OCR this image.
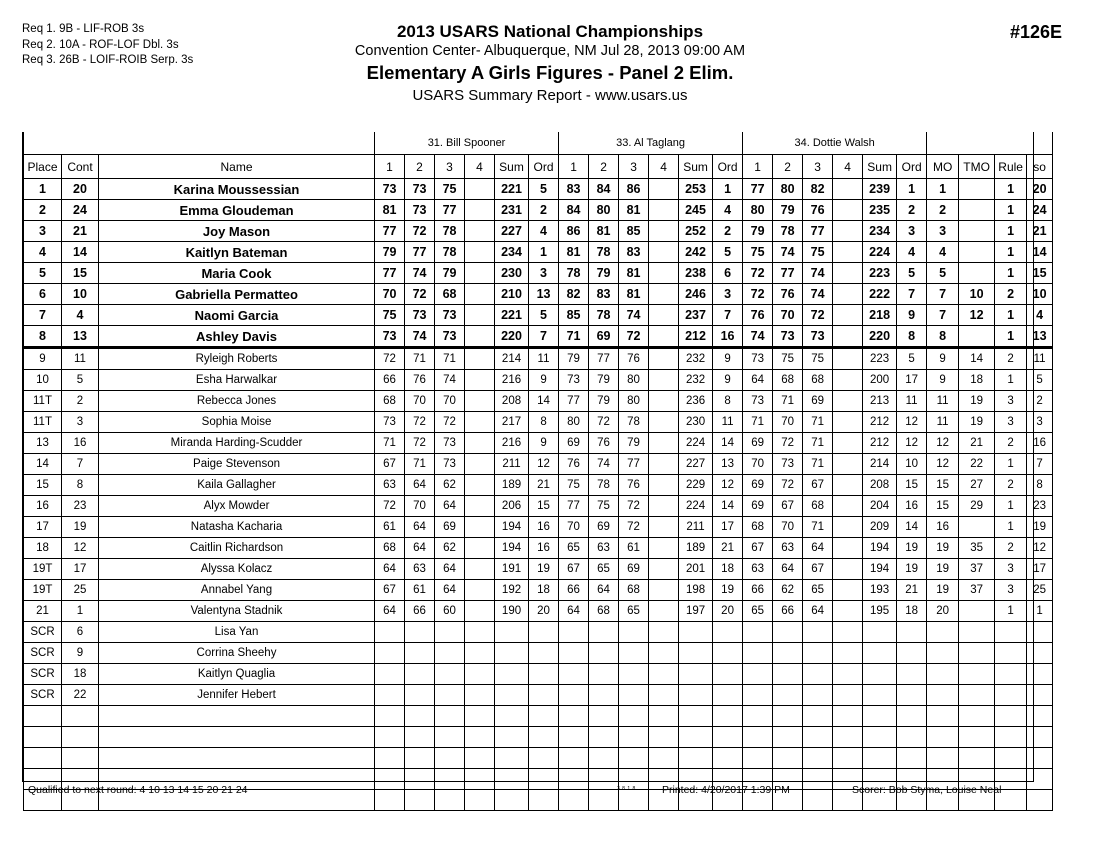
Req 1. 9B - LIF-ROB 3s
Req 2. 10A - ROF-LOF Dbl. 3s
Req 3. 26B - LOIF-ROIB Serp. 3s
2013 USARS National Championships
Convention Center- Albuquerque, NM Jul 28, 2013 09:00 AM
Elementary A Girls Figures - Panel 2 Elim.
USARS Summary Report - www.usars.us
#126E
			31. Bill Spooner						33. Al Taglang						34. Dottie Walsh									
Place	Cont	Name	1	2	3	4	Sum	Ord	1	2	3	4	Sum	Ord	1	2	3	4	Sum	Ord	MO	TMO	Rule	so
1	20	Karina Moussessian	73	73	75		221	5	83	84	86		253	1	77	80	82		239	1	1		1	20
2	24	Emma Gloudeman	81	73	77		231	2	84	80	81		245	4	80	79	76		235	2	2		1	24
3	21	Joy Mason	77	72	78		227	4	86	81	85		252	2	79	78	77		234	3	3		1	21
4	14	Kaitlyn Bateman	79	77	78		234	1	81	78	83		242	5	75	74	75		224	4	4		1	14
5	15	Maria Cook	77	74	79		230	3	78	79	81		238	6	72	77	74		223	5	5		1	15
6	10	Gabriella Permatteo	70	72	68		210	13	82	83	81		246	3	72	76	74		222	7	7	10	2	10
7	4	Naomi Garcia	75	73	73		221	5	85	78	74		237	7	76	70	72		218	9	7	12	1	4
8	13	Ashley Davis	73	74	73		220	7	71	69	72		212	16	74	73	73		220	8	8		1	13
9	11	Ryleigh Roberts	72	71	71		214	11	79	77	76		232	9	73	75	75		223	5	9	14	2	11
10	5	Esha Harwalkar	66	76	74		216	9	73	79	80		232	9	64	68	68		200	17	9	18	1	5
11T	2	Rebecca Jones	68	70	70		208	14	77	79	80		236	8	73	71	69		213	11	11	19	3	2
11T	3	Sophia Moise	73	72	72		217	8	80	72	78		230	11	71	70	71		212	12	11	19	3	3
13	16	Miranda Harding-Scudder	71	72	73		216	9	69	76	79		224	14	69	72	71		212	12	12	21	2	16
14	7	Paige Stevenson	67	71	73		211	12	76	74	77		227	13	70	73	71		214	10	12	22	1	7
15	8	Kaila Gallagher	63	64	62		189	21	75	78	76		229	12	69	72	67		208	15	15	27	2	8
16	23	Alyx Mowder	72	70	64		206	15	77	75	72		224	14	69	67	68		204	16	15	29	1	23
17	19	Natasha Kacharia	61	64	69		194	16	70	69	72		211	17	68	70	71		209	14	16		1	19
18	12	Caitlin Richardson	68	64	62		194	16	65	63	61		189	21	67	63	64		194	19	19	35	2	12
19T	17	Alyssa Kolacz	64	63	64		191	19	67	65	69		201	18	63	64	67		194	19	19	37	3	17
19T	25	Annabel Yang	67	61	64		192	18	66	64	68		198	19	66	62	65		193	21	19	37	3	25
21	1	Valentyna Stadnik	64	66	60		190	20	64	68	65		197	20	65	66	64		195	18	20		1	1
SCR	6	Lisa Yan																						
SCR	9	Corrina Sheehy																						
SCR	18	Kaitlyn Quaglia																						
SCR	22	Jennifer Hebert																						

Qualified to next round: 4 10 13 14 15 20 21 24	3.8.1.8 Printed: 4/20/2017 1:39 PM	Scorer: Bob Styma, Louise Neal
